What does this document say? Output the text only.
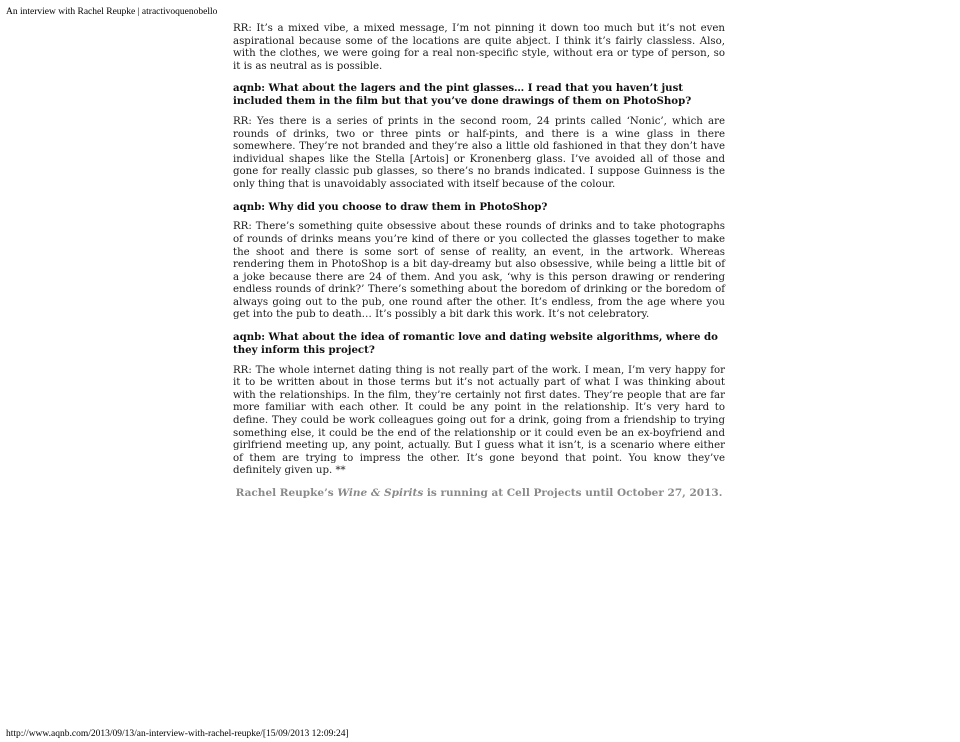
An interview with Rachel Reupke | atractivoquenobello

RR: It’s a mixed vibe, a mixed message, I’m not pinning it down too much but it’s not even aspirational because some of the locations are quite abject. I think it’s fairly classless. Also, with the clothes, we were going for a real non-specific style, without era or type of person, so it is as neutral as is possible.

aqnb: What about the lagers and the pint glasses… I read that you haven’t just included them in the film but that you’ve done drawings of them on PhotoShop?

RR: Yes there is a series of prints in the second room, 24 prints called ‘Nonic’, which are rounds of drinks, two or three pints or half-pints, and there is a wine glass in there somewhere. They’re not branded and they’re also a little old fashioned in that they don’t have individual shapes like the Stella [Artois] or Kronenberg glass. I’ve avoided all of those and gone for really classic pub glasses, so there’s no brands indicated. I suppose Guinness is the only thing that is unavoidably associated with itself because of the colour.

aqnb: Why did you choose to draw them in PhotoShop?

RR: There’s something quite obsessive about these rounds of drinks and to take photographs of rounds of drinks means you’re kind of there or you collected the glasses together to make the shoot and there is some sort of sense of reality, an event, in the artwork. Whereas rendering them in PhotoShop is a bit day-dreamy but also obsessive, while being a little bit of a joke because there are 24 of them. And you ask, ‘why is this person drawing or rendering endless rounds of drink?’ There’s something about the boredom of drinking or the boredom of always going out to the pub, one round after the other. It’s endless, from the age where you get into the pub to death… It’s possibly a bit dark this work. It’s not celebratory.

aqnb: What about the idea of romantic love and dating website algorithms, where do they inform this project?

RR: The whole internet dating thing is not really part of the work. I mean, I’m very happy for it to be written about in those terms but it’s not actually part of what I was thinking about with the relationships. In the film, they’re certainly not first dates. They’re people that are far more familiar with each other. It could be any point in the relationship. It’s very hard to define. They could be work colleagues going out for a drink, going from a friendship to trying something else, it could be the end of the relationship or it could even be an ex-boyfriend and girlfriend meeting up, any point, actually. But I guess what it isn’t, is a scenario where either of them are trying to impress the other. It’s gone beyond that point. You know they’ve definitely given up. **

Rachel Reupke’s Wine & Spirits is running at Cell Projects until October 27, 2013.
http://www.aqnb.com/2013/09/13/an-interview-with-rachel-reupke/[15/09/2013 12:09:24]
